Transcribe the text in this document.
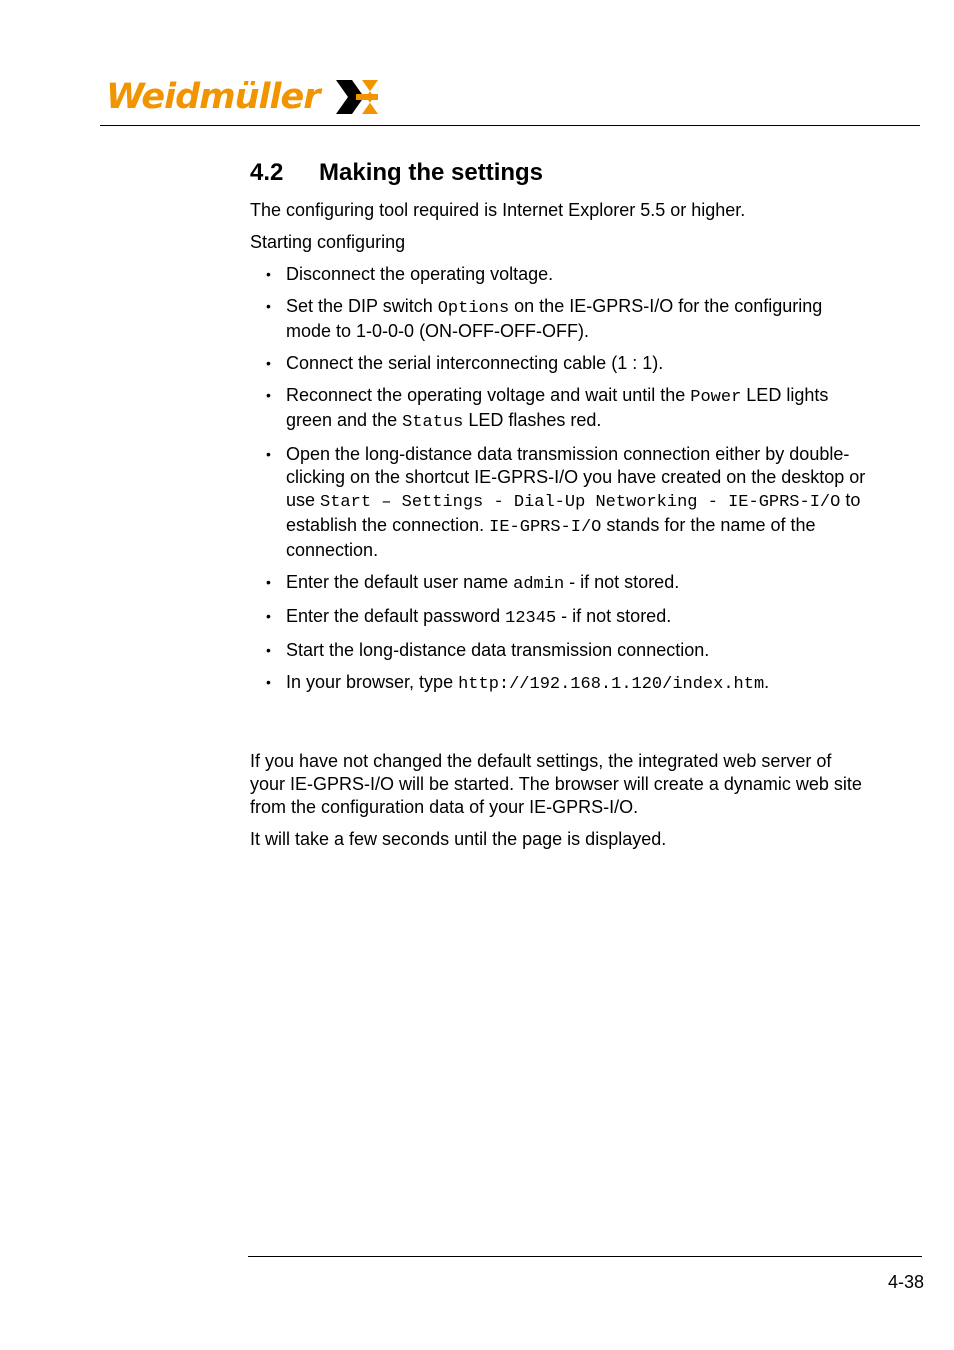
Weidmüller
4.2 Making the settings

The configuring tool required is Internet Explorer 5.5 or higher.

Starting configuring

• Disconnect the operating voltage.
• Set the DIP switch Options on the IE-GPRS-I/O for the configuring mode to 1-0-0-0 (ON-OFF-OFF-OFF).
• Connect the serial interconnecting cable (1 : 1).
• Reconnect the operating voltage and wait until the Power LED lights green and the Status LED flashes red.
• Open the long-distance data transmission connection either by double-clicking on the shortcut IE-GPRS-I/O you have created on the desktop or use Start – Settings - Dial-Up Networking - IE-GPRS-I/O to establish the connection. IE-GPRS-I/O stands for the name of the connection.
• Enter the default user name admin - if not stored.
• Enter the default password 12345 - if not stored.
• Start the long-distance data transmission connection.
• In your browser, type http://192.168.1.120/index.htm.

If you have not changed the default settings, the integrated web server of your IE-GPRS-I/O will be started. The browser will create a dynamic web site from the configuration data of your IE-GPRS-I/O.

It will take a few seconds until the page is displayed.

4-38
